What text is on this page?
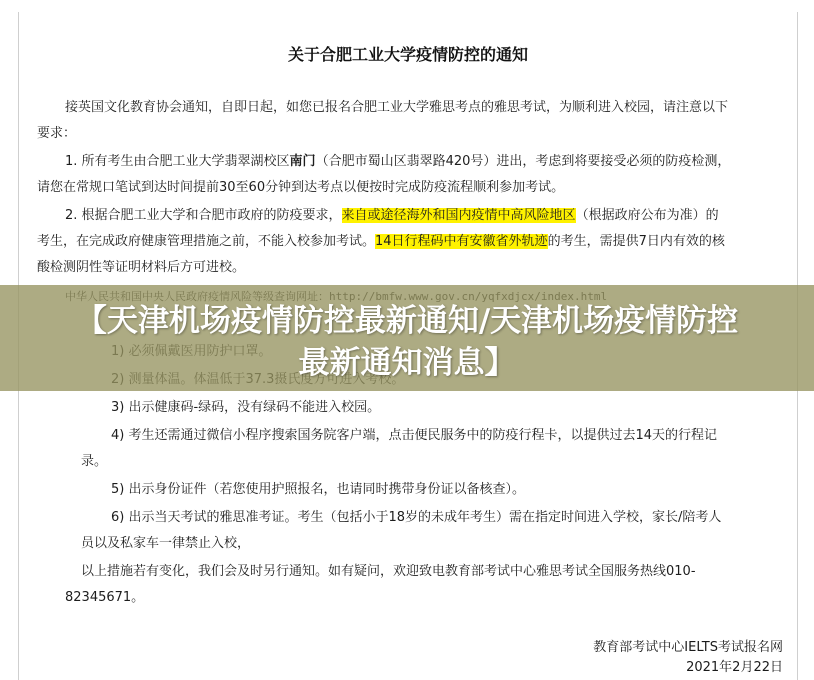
关于合肥工业大学疫情防控的通知
接英国文化教育协会通知，自即日起，如您已报名合肥工业大学雅思考点的雅思考试，为顺利进入校园，请注意以下
要求：
1. 所有考生由合肥工业大学翡翠湖校区南门（合肥市蜀山区翡翠路420号）进出，考虑到将要接受必须的防疫检测，
请您在常规口笔试到达时间提前30至60分钟到达考点以便按时完成防疫流程顺利参加考试。
2. 根据合肥工业大学和合肥市政府的防疫要求，来自或途径海外和国内疫情中高风险地区（根据政府公布为准）的
考生，在完成政府健康管理措施之前，不能入校参加考试。14日行程码中有安徽省外轨迹的考生，需提供7日内有效的核
酸检测阴性等证明材料后方可进校。
3) 出示健康码-绿码，没有绿码不能进入校园。
4) 考生还需通过微信小程序搜索国务院客户端，点击便民服务中的防疫行程卡，以提供过去14天的行程记
录。
5) 出示身份证件（若您使用护照报名，也请同时携带身份证以备核查）。
6) 出示当天考试的雅思准考证。考生（包括小于18岁的未成年考生）需在指定时间进入学校，家长/陪考人
员以及私家车一律禁止入校，
以上措施若有变化，我们会及时另行通知。如有疑问，欢迎致电教育部考试中心雅思考试全国服务热线010-
82345671。
教育部考试中心IELTS考试报名网
2021年2月22日
【天津机场疫情防控最新通知/天津机场疫情防控
最新通知消息】
